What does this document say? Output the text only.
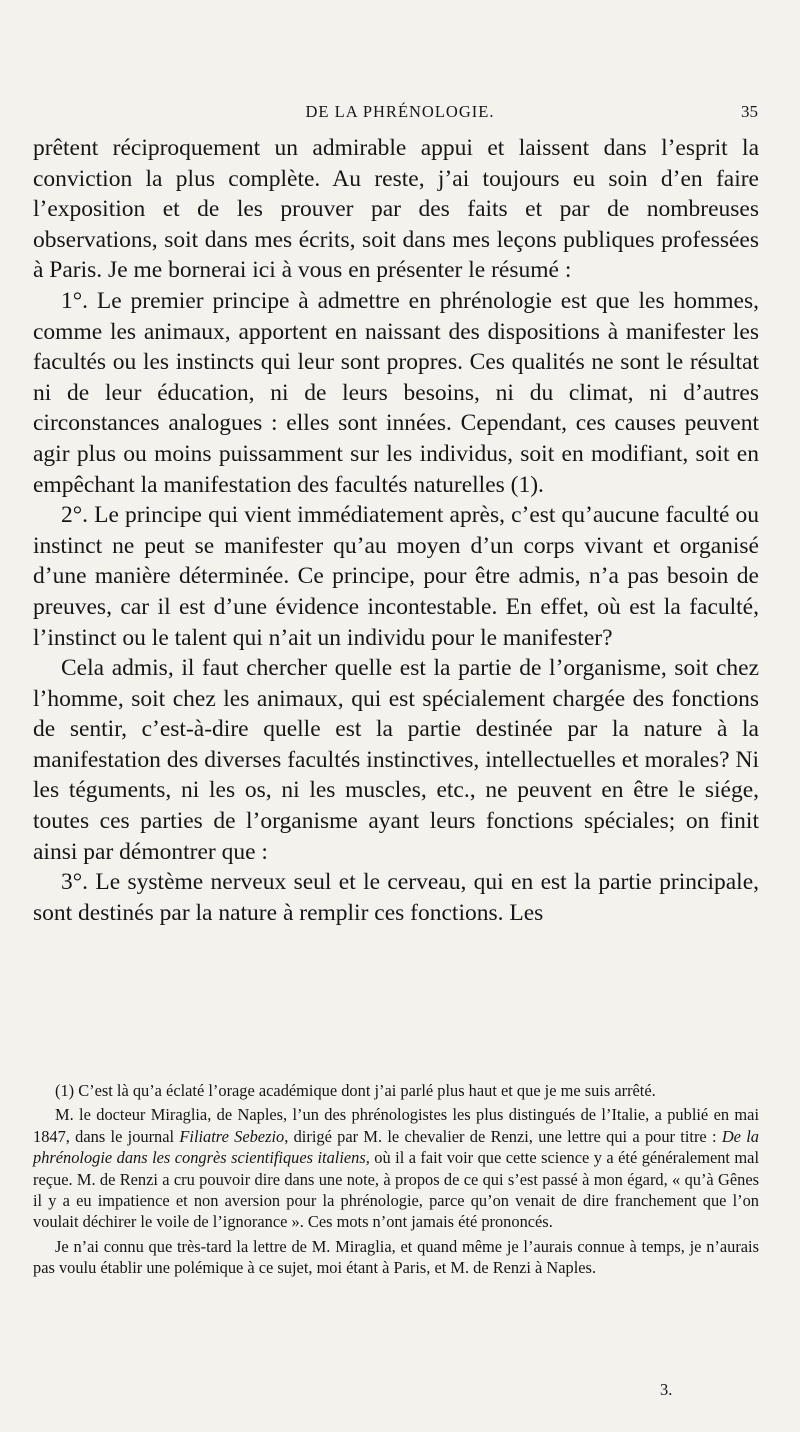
DE LA PHRÉNOLOGIE.	35

prêtent réciproquement un admirable appui et laissent dans l’esprit la conviction la plus complète. Au reste, j’ai toujours eu soin d’en faire l’exposition et de les prouver par des faits et par de nombreuses observations, soit dans mes écrits, soit dans mes leçons publiques professées à Paris. Je me bornerai ici à vous en présenter le résumé :

1°. Le premier principe à admettre en phrénologie est que les hommes, comme les animaux, apportent en naissant des dispositions à manifester les facultés ou les instincts qui leur sont propres. Ces qualités ne sont le résultat ni de leur éducation, ni de leurs besoins, ni du climat, ni d’autres circonstances analogues : elles sont innées. Cependant, ces causes peuvent agir plus ou moins puissamment sur les individus, soit en modifiant, soit en empêchant la manifestation des facultés naturelles (1).

2°. Le principe qui vient immédiatement après, c’est qu’aucune faculté ou instinct ne peut se manifester qu’au moyen d’un corps vivant et organisé d’une manière déterminée. Ce principe, pour être admis, n’a pas besoin de preuves, car il est d’une évidence incontestable. En effet, où est la faculté, l’instinct ou le talent qui n’ait un individu pour le manifester?

Cela admis, il faut chercher quelle est la partie de l’organisme, soit chez l’homme, soit chez les animaux, qui est spécialement chargée des fonctions de sentir, c’est-à-dire quelle est la partie destinée par la nature à la manifestation des diverses facultés instinctives, intellectuelles et morales? Ni les téguments, ni les os, ni les muscles, etc., ne peuvent en être le siége, toutes ces parties de l’organisme ayant leurs fonctions spéciales; on finit ainsi par démontrer que :

3°. Le système nerveux seul et le cerveau, qui en est la partie principale, sont destinés par la nature à remplir ces fonctions. Les

(1) C’est là qu’a éclaté l’orage académique dont j’ai parlé plus haut et que je me suis arrêté.

M. le docteur Miraglia, de Naples, l’un des phrénologistes les plus distingués de l’Italie, a publié en mai 1847, dans le journal Filiatre Sebezio, dirigé par M. le chevalier de Renzi, une lettre qui a pour titre : De la phrénologie dans les congrès scientifiques italiens, où il a fait voir que cette science y a été généralement mal reçue. M. de Renzi a cru pouvoir dire dans une note, à propos de ce qui s’est passé à mon égard, « qu’à Gênes il y a eu impatience et non aversion pour la phrénologie, parce qu’on venait de dire franchement que l’on voulait déchirer le voile de l’ignorance ». Ces mots n’ont jamais été prononcés.

Je n’ai connu que très-tard la lettre de M. Miraglia, et quand même je l’aurais connue à temps, je n’aurais pas voulu établir une polémique à ce sujet, moi étant à Paris, et M. de Renzi à Naples.

3.
